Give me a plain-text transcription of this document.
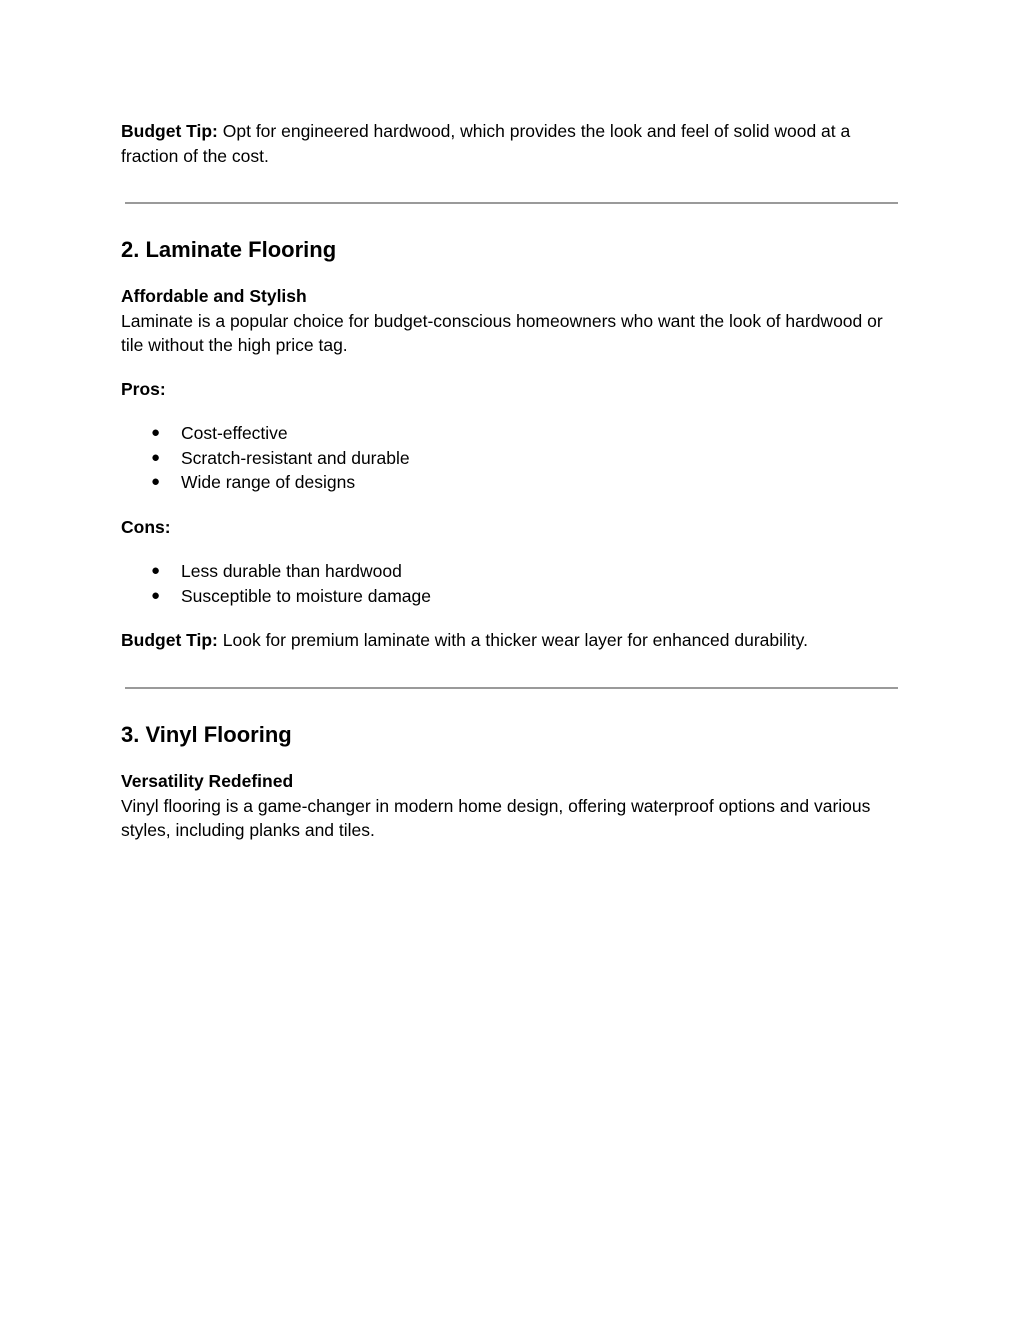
Budget Tip: Opt for engineered hardwood, which provides the look and feel of solid wood at a fraction of the cost.

2. Laminate Flooring

Affordable and Stylish

Laminate is a popular choice for budget-conscious homeowners who want the look of hardwood or tile without the high price tag.

Pros:

● Cost-effective
● Scratch-resistant and durable
● Wide range of designs

Cons:

● Less durable than hardwood
● Susceptible to moisture damage

Budget Tip: Look for premium laminate with a thicker wear layer for enhanced durability.

3. Vinyl Flooring

Versatility Redefined

Vinyl flooring is a game-changer in modern home design, offering waterproof options and various styles, including planks and tiles.
